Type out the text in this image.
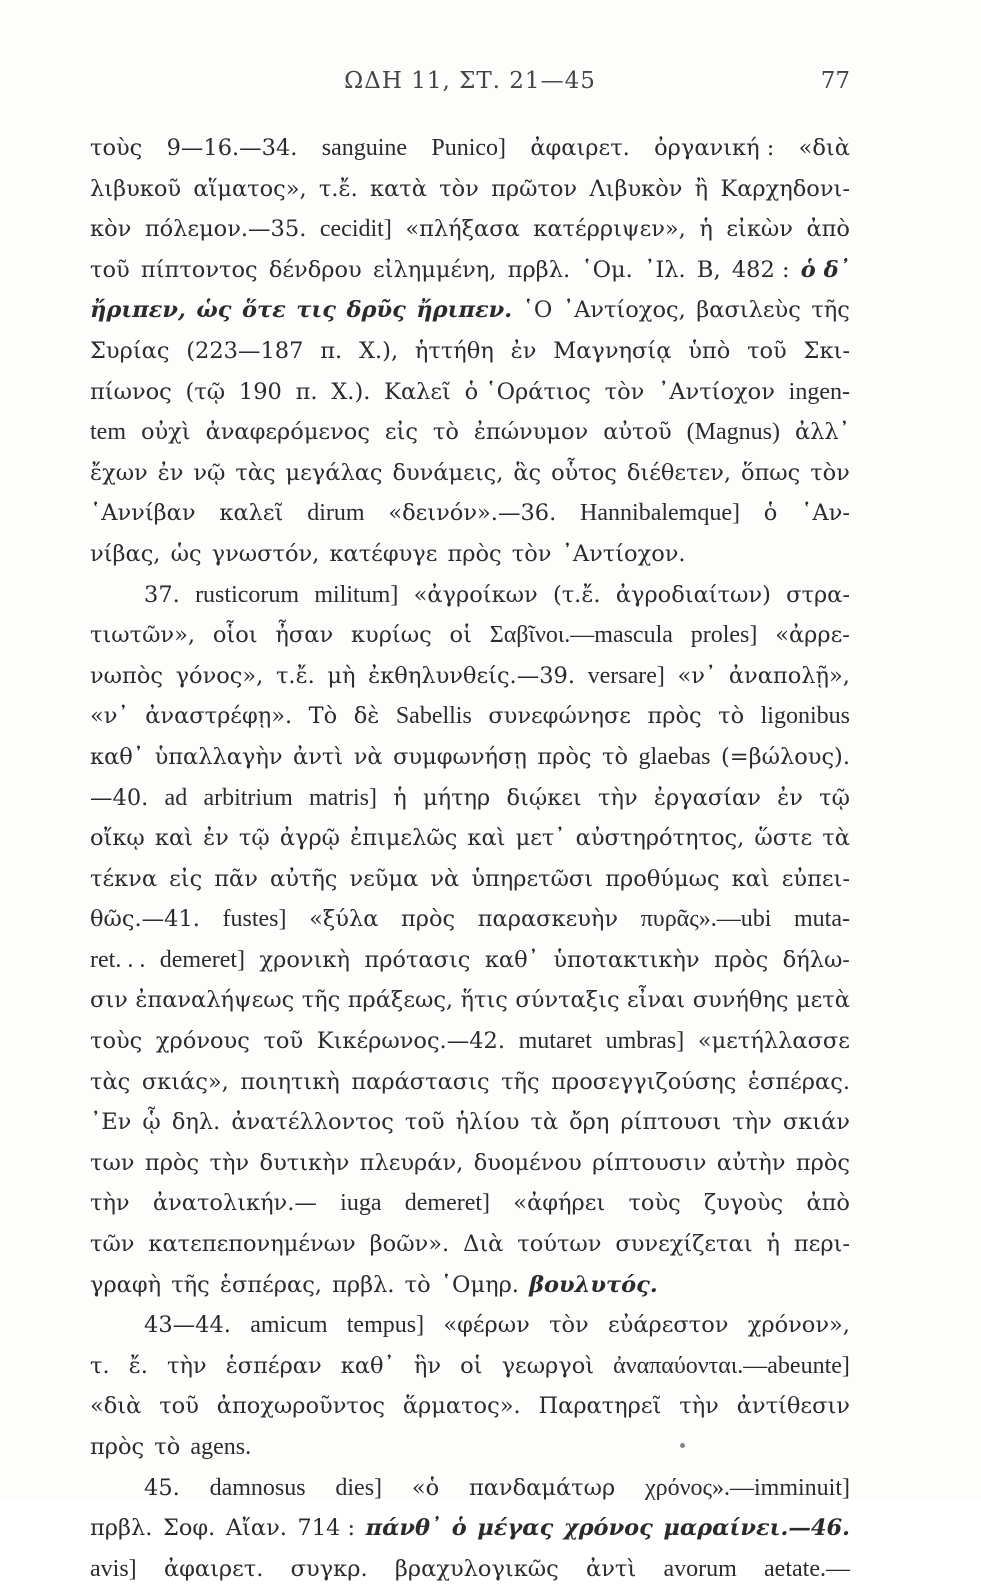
ΩΔΗ 11, ΣΤ. 21—45	77
τοὺς 9—16.—34. sanguine Punico] ἀφαιρετ. ὀργανική : «διὰ
λιβυκοῦ αἵματος», τ.ἔ. κατὰ τὸν πρῶτον Λιβυκὸν ἢ Καρχηδονι-
κὸν πόλεμον.—35. cecidit] «πλήξασα κατέρριψεν», ἡ εἰκὼν ἀπὸ
τοῦ πίπτοντος δένδρου εἰλημμένη, πρβλ. ῾Ομ. ᾿Ιλ. Β, 482 : ὁ δ᾽
ἤριπεν, ὡς ὅτε τις δρῦς ἤριπεν. ῾Ο ᾿Αντίοχος, βασιλεὺς τῆς
Συρίας (223—187 π. Χ.), ἡττήθη ἐν Μαγνησίᾳ ὑπὸ τοῦ Σκι-
πίωνος (τῷ 190 π. Χ.). Καλεῖ ὁ ῾Οράτιος τὸν ᾿Αντίοχον ingen-
tem οὐχὶ ἀναφερόμενος εἰς τὸ ἐπώνυμον αὐτοῦ (Magnus) ἀλλ᾽
ἔχων ἐν νῷ τὰς μεγάλας δυνάμεις, ἃς οὗτος διέθετεν, ὅπως τὸν
῾Αννίβαν καλεῖ dirum «δεινόν».—36. Hannibalemque] ὁ ῾Αν-
νίβας, ὡς γνωστόν, κατέφυγε πρὸς τὸν ᾿Αντίοχον.
37. rusticorum militum] «ἀγροίκων (τ.ἔ. ἀγροδιαίτων) στρα-
τιωτῶν», οἷοι ἦσαν κυρίως οἱ Σαβῖνοι.—mascula proles] «ἀρρε-
νωπὸς γόνος», τ.ἔ. μὴ ἐκθηλυνθείς.—39. versare] «ν᾽ ἀναπολῇ»,
«ν᾽ ἀναστρέφῃ». Τὸ δὲ Sabellis συνεφώνησε πρὸς τὸ ligonibus
καθ᾽ ὑπαλλαγὴν ἀντὶ νὰ συμφωνήσῃ πρὸς τὸ glaebas (=βώλους).
—40. ad arbitrium matris] ἡ μήτηρ διῴκει τὴν ἐργασίαν ἐν τῷ
οἴκῳ καὶ ἐν τῷ ἀγρῷ ἐπιμελῶς καὶ μετ᾽ αὐστηρότητος, ὥστε τὰ
τέκνα εἰς πᾶν αὐτῆς νεῦμα νὰ ὑπηρετῶσι προθύμως καὶ εὐπει-
θῶς.—41. fustes] «ξύλα πρὸς παρασκευὴν πυρᾶς».—ubi muta-
ret. . . demeret] χρονικὴ πρότασις καθ᾽ ὑποτακτικὴν πρὸς δήλω-
σιν ἐπαναλήψεως τῆς πράξεως, ἥτις σύνταξις εἶναι συνήθης μετὰ
τοὺς χρόνους τοῦ Κικέρωνος.—42. mutaret umbras] «μετήλλασσε
τὰς σκιάς», ποιητικὴ παράστασις τῆς προσεγγιζούσης ἑσπέρας.
᾿Εν ᾧ δηλ. ἀνατέλλοντος τοῦ ἡλίου τὰ ὄρη ρίπτουσι τὴν σκιάν
των πρὸς τὴν δυτικὴν πλευράν, δυομένου ρίπτουσιν αὐτὴν πρὸς
τὴν ἀνατολικήν.— iuga demeret] «ἀφήρει τοὺς ζυγοὺς ἀπὸ
τῶν κατεπεπονημένων βοῶν». Διὰ τούτων συνεχίζεται ἡ περι-
γραφὴ τῆς ἑσπέρας, πρβλ. τὸ ῾Ομηρ. βουλυτός.
43—44. amicum tempus] «φέρων τὸν εὐάρεστον χρόνον»,
τ. ἔ. τὴν ἑσπέραν καθ᾽ ἣν οἱ γεωργοὶ ἀναπαύονται.—abeunte]
«διὰ τοῦ ἀποχωροῦντος ἅρματος». Παρατηρεῖ τὴν ἀντίθεσιν
πρὸς τὸ agens.
45. damnosus dies] «ὁ πανδαμάτωρ χρόνος».—imminuit]
πρβλ. Σοφ. Αἴαν. 714 : πάνθ᾽ ὁ μέγας χρόνος μαραίνει.—46.
avis] ἀφαιρετ. συγκρ. βραχυλογικῶς ἀντὶ avorum aetate.—
